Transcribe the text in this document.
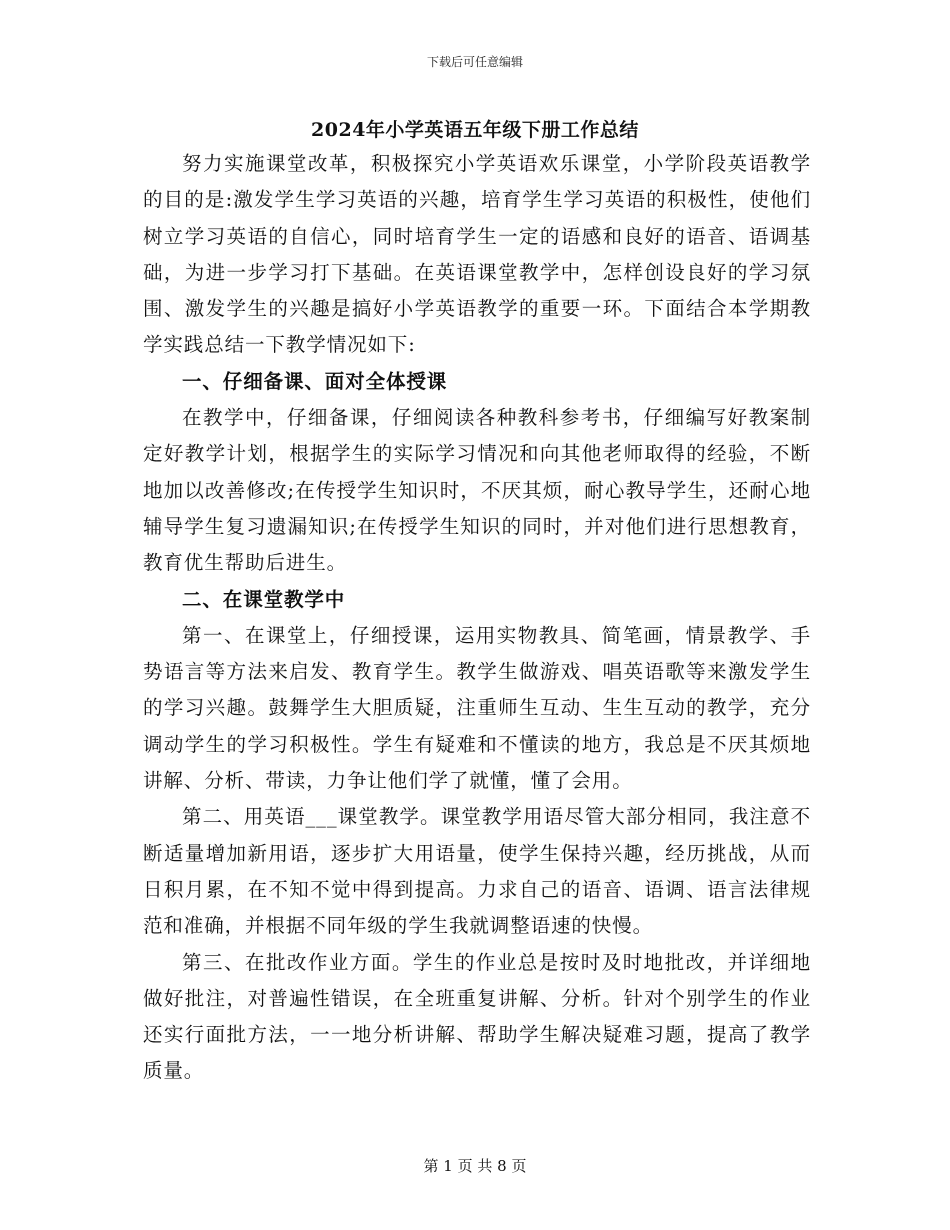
下载后可任意编辑
2024年小学英语五年级下册工作总结

努力实施课堂改革，积极探究小学英语欢乐课堂，小学阶段英语教学的目的是:激发学生学习英语的兴趣，培育学生学习英语的积极性，使他们树立学习英语的自信心，同时培育学生一定的语感和良好的语音、语调基础，为进一步学习打下基础。在英语课堂教学中，怎样创设良好的学习氛围、激发学生的兴趣是搞好小学英语教学的重要一环。下面结合本学期教学实践总结一下教学情况如下:

一、仔细备课、面对全体授课

在教学中，仔细备课，仔细阅读各种教科参考书，仔细编写好教案制定好教学计划，根据学生的实际学习情况和向其他老师取得的经验，不断地加以改善修改;在传授学生知识时，不厌其烦，耐心教导学生，还耐心地辅导学生复习遗漏知识;在传授学生知识的同时，并对他们进行思想教育，教育优生帮助后进生。

二、在课堂教学中

第一、在课堂上，仔细授课，运用实物教具、简笔画，情景教学、手势语言等方法来启发、教育学生。教学生做游戏、唱英语歌等来激发学生的学习兴趣。鼓舞学生大胆质疑，注重师生互动、生生互动的教学，充分调动学生的学习积极性。学生有疑难和不懂读的地方，我总是不厌其烦地讲解、分析、带读，力争让他们学了就懂，懂了会用。

第二、用英语___课堂教学。课堂教学用语尽管大部分相同，我注意不断适量增加新用语，逐步扩大用语量，使学生保持兴趣，经历挑战，从而日积月累，在不知不觉中得到提高。力求自己的语音、语调、语言法律规范和准确，并根据不同年级的学生我就调整语速的快慢。

第三、在批改作业方面。学生的作业总是按时及时地批改，并详细地做好批注，对普遍性错误，在全班重复讲解、分析。针对个别学生的作业还实行面批方法，一一地分析讲解、帮助学生解决疑难习题，提高了教学质量。

第 1 页 共 8 页
